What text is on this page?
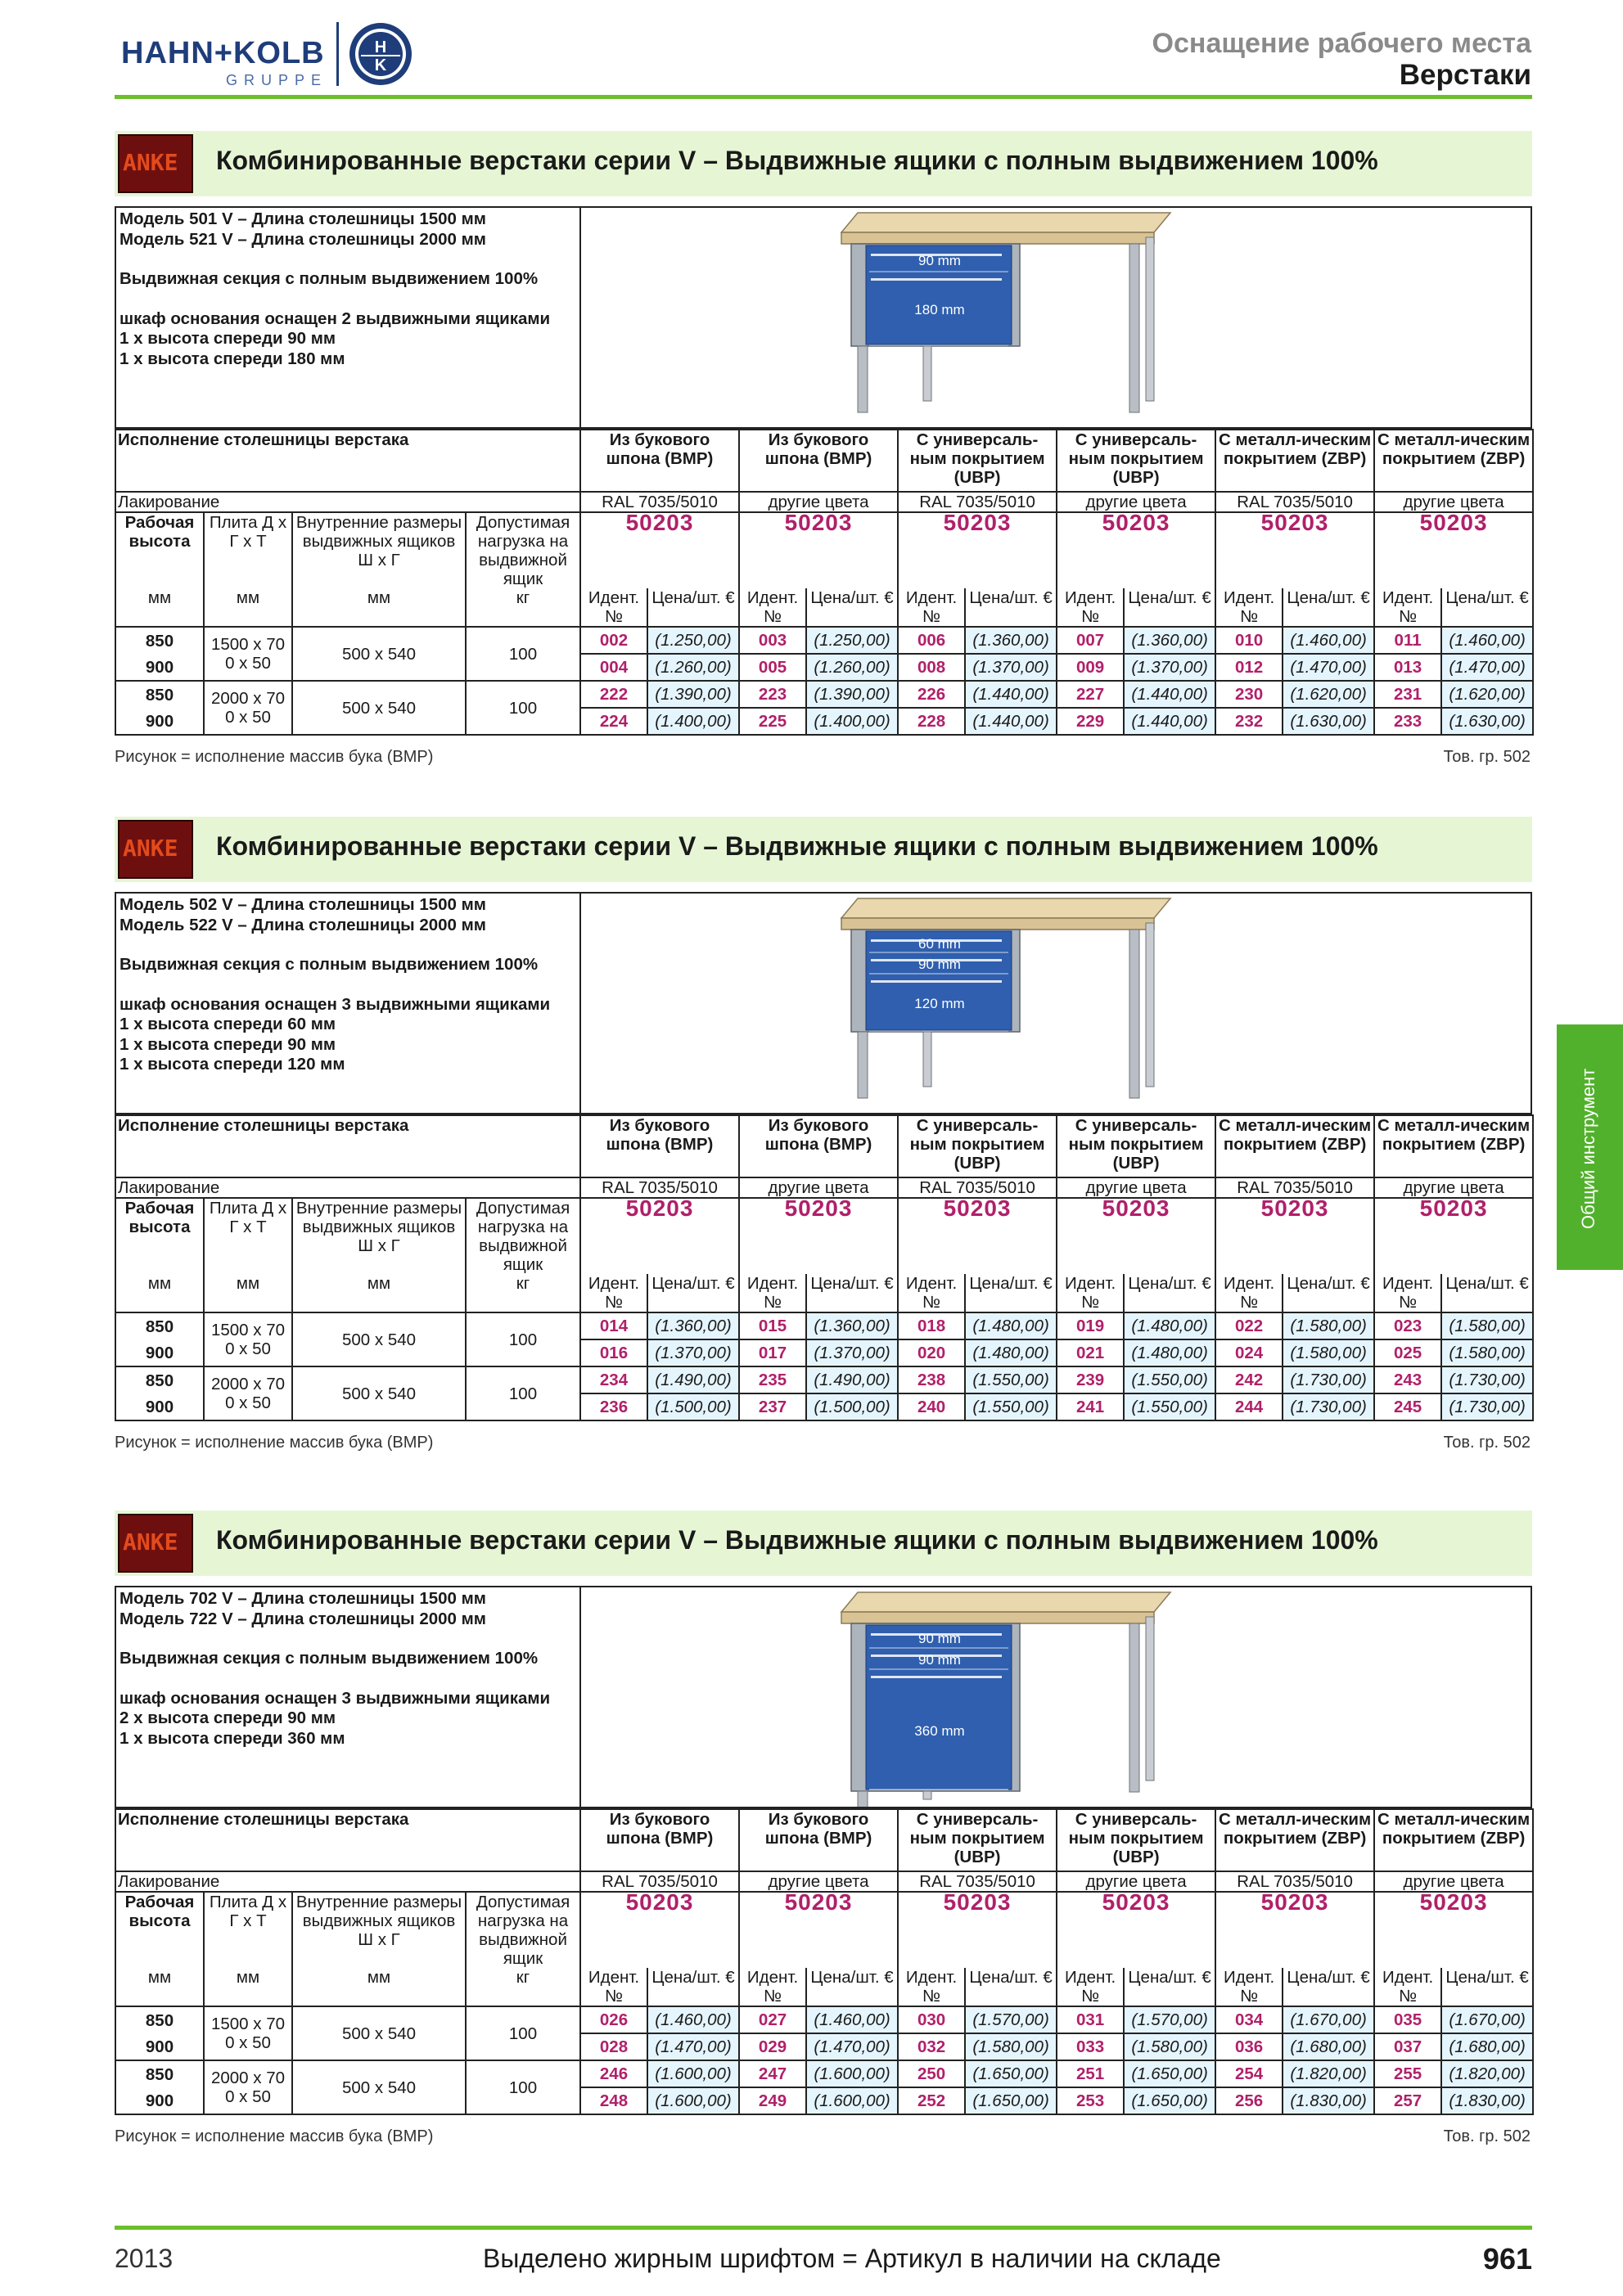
HAHN+KOLB
GRUPPE
H
K
Оснащение рабочего места
Верстаки
ANKE Комбинированные верстаки серии V – Выдвижные ящики с полным выдвижением 100%
Модель 501 V – Длина столешницы 1500 мм
Модель 521 V – Длина столешницы 2000 мм
Выдвижная секция с полным выдвижением 100%
шкаф основания оснащен 2 выдвижными ящиками
1 x высота спереди 90 мм
1 x высота спереди 180 мм
90 mm
180 mm
Исполнение столешницы верстака				Из букового шпона (BMP)		Из букового шпона (BMP)		С универсаль-ным покрытием (UBP)		С универсаль-ным покрытием (UBP)		С металл-ическим покрытием (ZBP)		С металл-ическим покрытием (ZBP)	
Лакирование				RAL 7035/5010		другие цвета		RAL 7035/5010		другие цвета		RAL 7035/5010		другие цвета	
Рабочая высота	Плита Д х Г х Т	Внутренние размеры выдвижных ящиков Ш х Г	Допустимая нагрузка на выдвижной ящик	50203		50203		50203		50203		50203		50203	
мм	мм	мм	кг	Идент. №	Цена/шт. €	Идент. №	Цена/шт. €	Идент. №	Цена/шт. €	Идент. №	Цена/шт. €	Идент. №	Цена/шт. €	Идент. №	Цена/шт. €
850	1500 x 70 0 x 50	500 x 540	100	002	(1.250,00)	003	(1.250,00)	006	(1.360,00)	007	(1.360,00)	010	(1.460,00)	011	(1.460,00)
900				004	(1.260,00)	005	(1.260,00)	008	(1.370,00)	009	(1.370,00)	012	(1.470,00)	013	(1.470,00)
850	2000 x 70 0 x 50	500 x 540	100	222	(1.390,00)	223	(1.390,00)	226	(1.440,00)	227	(1.440,00)	230	(1.620,00)	231	(1.620,00)
900				224	(1.400,00)	225	(1.400,00)	228	(1.440,00)	229	(1.440,00)	232	(1.630,00)	233	(1.630,00)
Рисунок = исполнение массив бука (BMP)	Тов. гр. 502
ANKE Комбинированные верстаки серии V – Выдвижные ящики с полным выдвижением 100%
Модель 502 V – Длина столешницы 1500 мм
Модель 522 V – Длина столешницы 2000 мм
Выдвижная секция с полным выдвижением 100%
шкаф основания оснащен 3 выдвижными ящиками
1 x высота спереди 60 мм
1 x высота спереди 90 мм
1 x высота спереди 120 мм
60 mm
90 mm
120 mm
Исполнение столешницы верстака				Из букового шпона (BMP)		Из букового шпона (BMP)		С универсаль-ным покрытием (UBP)		С универсаль-ным покрытием (UBP)		С металл-ическим покрытием (ZBP)		С металл-ическим покрытием (ZBP)	
Лакирование				RAL 7035/5010		другие цвета		RAL 7035/5010		другие цвета		RAL 7035/5010		другие цвета	
Рабочая высота	Плита Д х Г х Т	Внутренние размеры выдвижных ящиков Ш х Г	Допустимая нагрузка на выдвижной ящик	50203		50203		50203		50203		50203		50203	
мм	мм	мм	кг	Идент. №	Цена/шт. €	Идент. №	Цена/шт. €	Идент. №	Цена/шт. €	Идент. №	Цена/шт. €	Идент. №	Цена/шт. €	Идент. №	Цена/шт. €
850	1500 x 70 0 x 50	500 x 540	100	014	(1.360,00)	015	(1.360,00)	018	(1.480,00)	019	(1.480,00)	022	(1.580,00)	023	(1.580,00)
900				016	(1.370,00)	017	(1.370,00)	020	(1.480,00)	021	(1.480,00)	024	(1.580,00)	025	(1.580,00)
850	2000 x 70 0 x 50	500 x 540	100	234	(1.490,00)	235	(1.490,00)	238	(1.550,00)	239	(1.550,00)	242	(1.730,00)	243	(1.730,00)
900				236	(1.500,00)	237	(1.500,00)	240	(1.550,00)	241	(1.550,00)	244	(1.730,00)	245	(1.730,00)
Рисунок = исполнение массив бука (BMP)	Тов. гр. 502
ANKE Комбинированные верстаки серии V – Выдвижные ящики с полным выдвижением 100%
Модель 702 V – Длина столешницы 1500 мм
Модель 722 V – Длина столешницы 2000 мм
Выдвижная секция с полным выдвижением 100%
шкаф основания оснащен 3 выдвижными ящиками
2 x высота спереди 90 мм
1 x высота спереди 360 мм
90 mm
90 mm
360 mm
Исполнение столешницы верстака				Из букового шпона (BMP)		Из букового шпона (BMP)		С универсаль-ным покрытием (UBP)		С универсаль-ным покрытием (UBP)		С металл-ическим покрытием (ZBP)		С металл-ическим покрытием (ZBP)	
Лакирование				RAL 7035/5010		другие цвета		RAL 7035/5010		другие цвета		RAL 7035/5010		другие цвета	
Рабочая высота	Плита Д х Г х Т	Внутренние размеры выдвижных ящиков Ш х Г	Допустимая нагрузка на выдвижной ящик	50203		50203		50203		50203		50203		50203	
мм	мм	мм	кг	Идент. №	Цена/шт. €	Идент. №	Цена/шт. €	Идент. №	Цена/шт. €	Идент. №	Цена/шт. €	Идент. №	Цена/шт. €	Идент. №	Цена/шт. €
850	1500 x 70 0 x 50	500 x 540	100	026	(1.460,00)	027	(1.460,00)	030	(1.570,00)	031	(1.570,00)	034	(1.670,00)	035	(1.670,00)
900				028	(1.470,00)	029	(1.470,00)	032	(1.580,00)	033	(1.580,00)	036	(1.680,00)	037	(1.680,00)
850	2000 x 70 0 x 50	500 x 540	100	246	(1.600,00)	247	(1.600,00)	250	(1.650,00)	251	(1.650,00)	254	(1.820,00)	255	(1.820,00)
900				248	(1.600,00)	249	(1.600,00)	252	(1.650,00)	253	(1.650,00)	256	(1.830,00)	257	(1.830,00)
Рисунок = исполнение массив бука (BMP)	Тов. гр. 502
Общий инструмент
2013	Выделено жирным шрифтом = Артикул в наличии на складе	961
